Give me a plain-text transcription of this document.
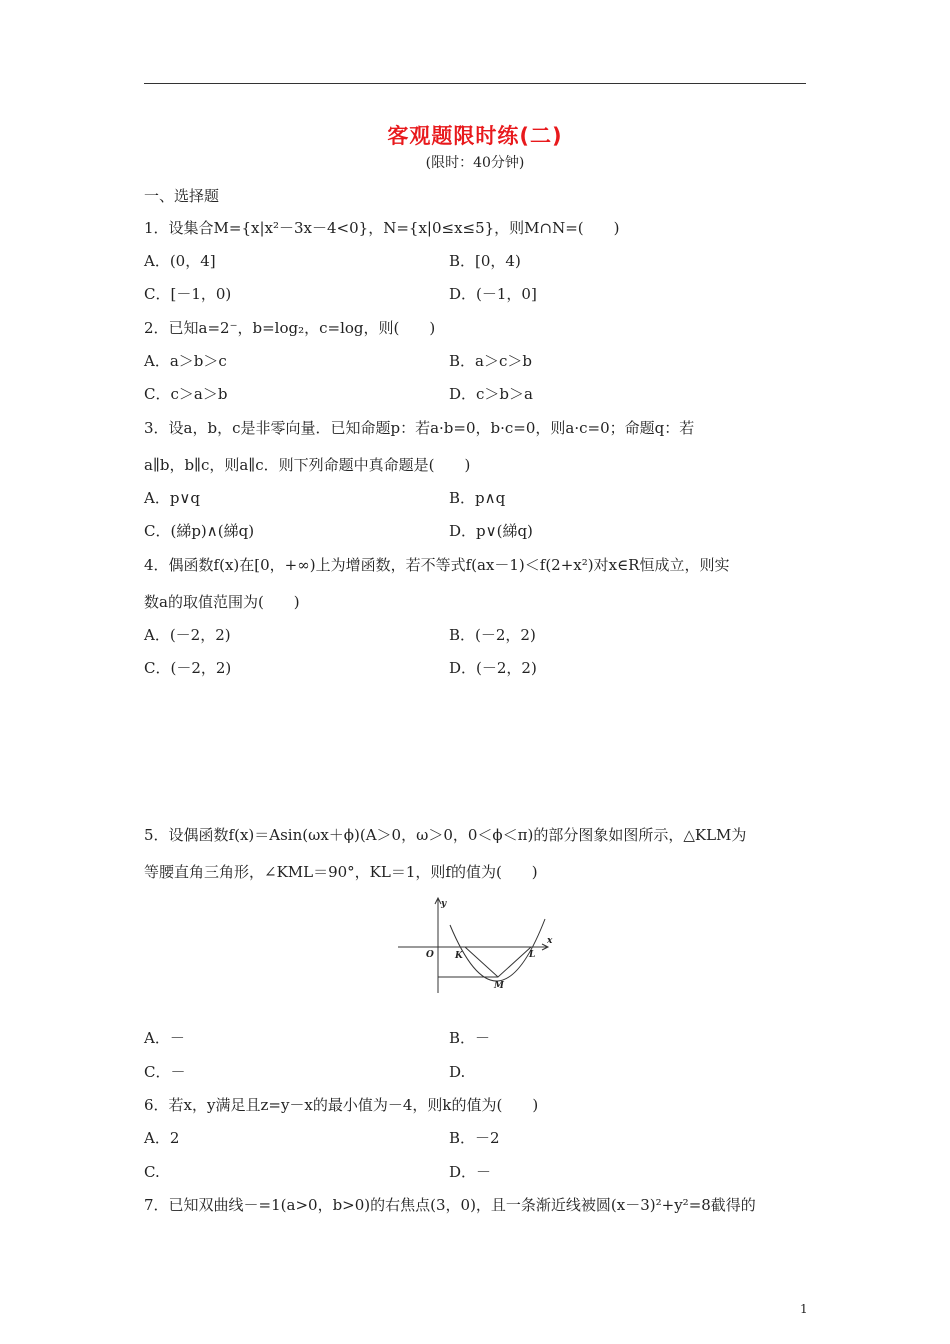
客观题限时练(二)
(限时：40分钟)
一、选择题
1．设集合M={x|x²－3x－4<0}，N={x|0≤x≤5}，则M∩N=(　　)
A．(0，4]	B．[0，4)
C．[－1，0)	D．(－1，0]
2．已知a=2⁻，b=log₂，c=log，则(　　)
A．a＞b＞c	B．a＞c＞b
C．c＞a＞b	D．c＞b＞a
3．设a，b，c是非零向量．已知命题p：若a·b=0，b·c=0，则a·c=0；命题q：若
a∥b，b∥c，则a∥c．则下列命题中真命题是(　　)
A．p∨q	B．p∧q
C．(綈p)∧(綈q)	D．p∨(綈q)
4．偶函数f(x)在[0，+∞)上为增函数，若不等式f(ax－1)＜f(2+x²)对x∈R恒成立，则实
数a的取值范围为(　　)
A．(－2，2)	B．(－2，2)
C．(－2，2)	D．(－2，2)
5．设偶函数f(x)＝Asin(ωx＋ϕ)(A＞0，ω＞0，0＜ϕ＜π)的部分图象如图所示，△KLM为
等腰直角三角形，∠KML＝90°，KL＝1，则f的值为(　　)
y
x
O K	L
M
A．－	B．－
C．－	D.
6．若x，y满足且z=y－x的最小值为－4，则k的值为(　　)
A．2	B．－2
C.	D．－
7．已知双曲线－=1(a>0，b>0)的右焦点(3，0)，且一条渐近线被圆(x－3)²+y²=8截得的
1
